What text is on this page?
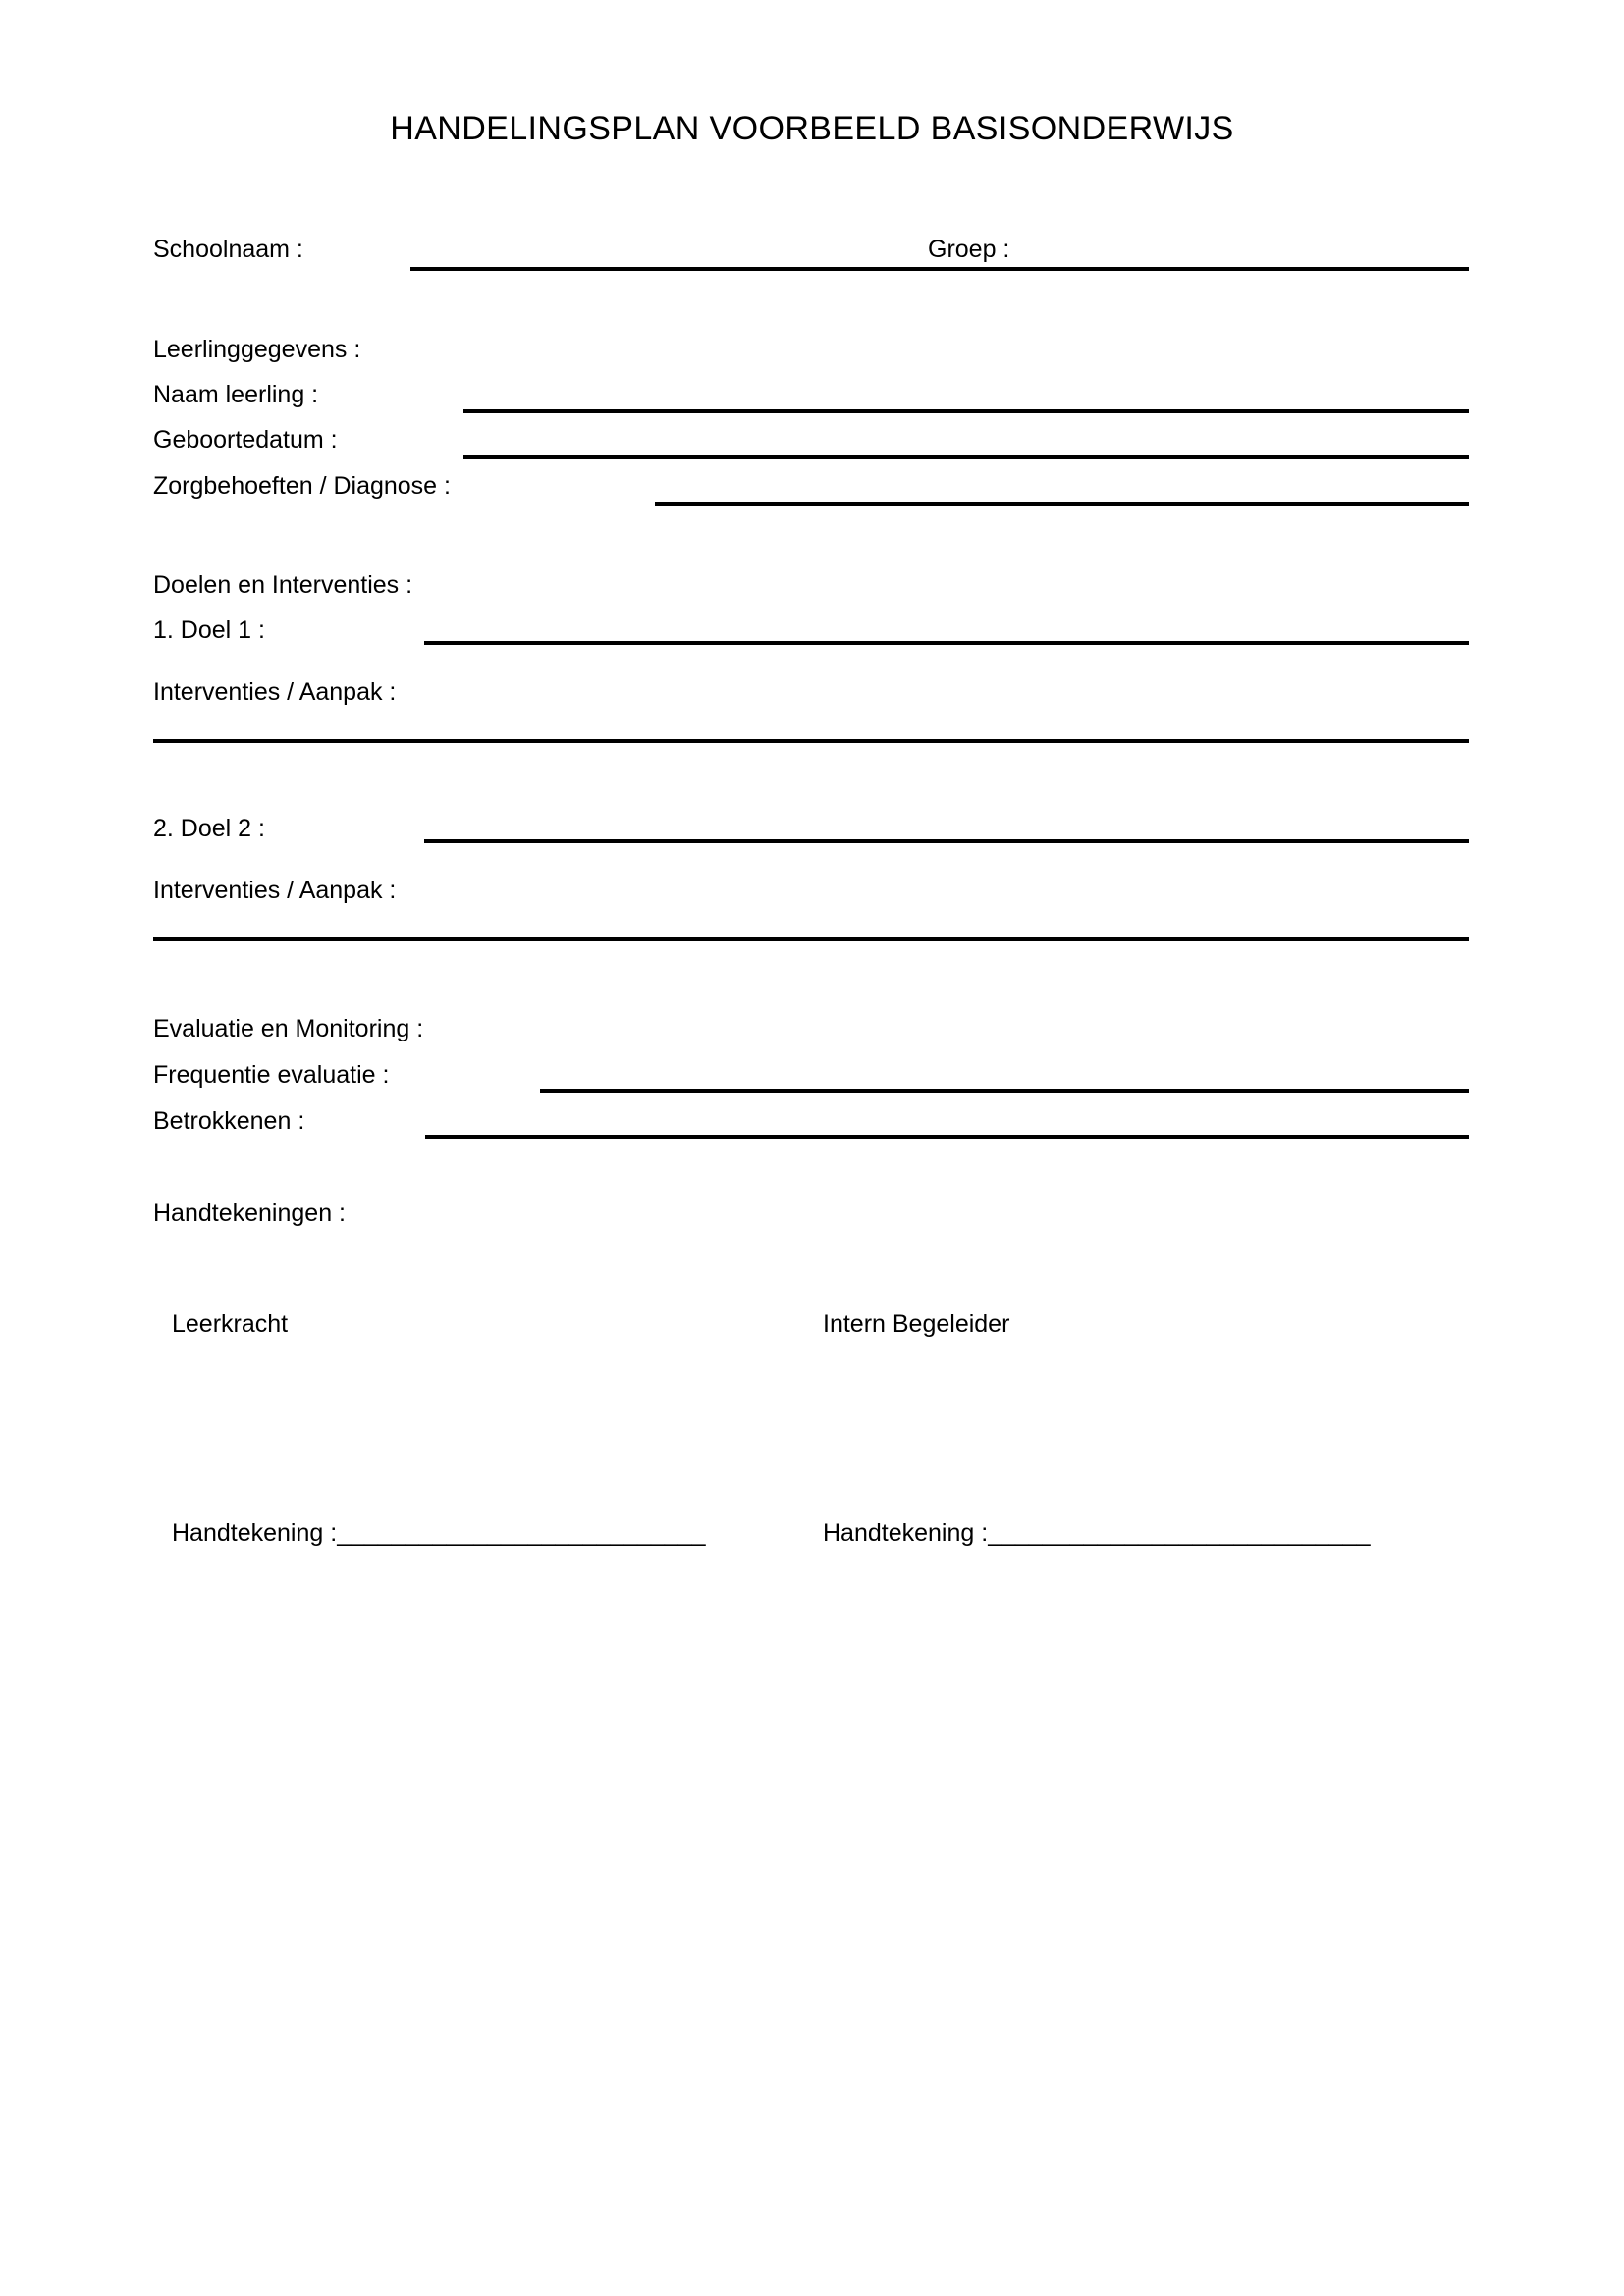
HANDELINGSPLAN VOORBEELD BASISONDERWIJS
Schoolnaam :	Groep :
Leerlinggegevens :
Naam leerling :
Geboortedatum :
Zorgbehoeften / Diagnose :
Doelen en Interventies :
1. Doel 1 :
Interventies / Aanpak :
2. Doel 2 :
Interventies / Aanpak :
Evaluatie en Monitoring :
Frequentie evaluatie :
Betrokkenen :
Handtekeningen :
Leerkracht	Intern Begeleider
Handtekening :___________________________	Handtekening :____________________________
